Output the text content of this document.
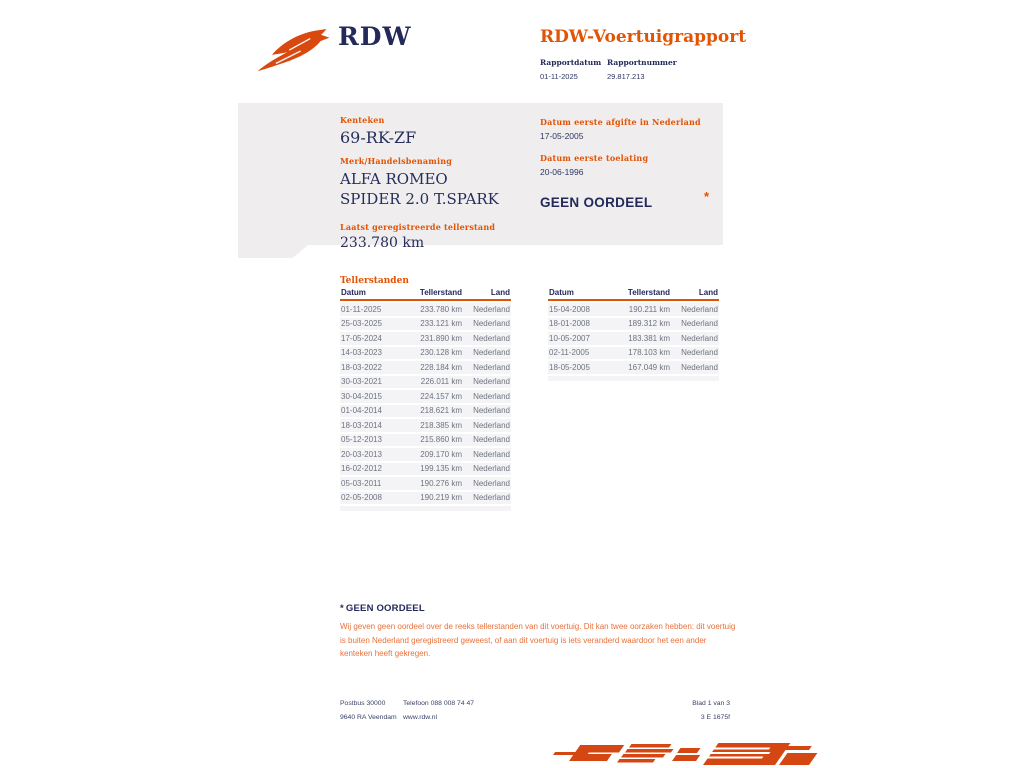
RDW	RDW-Voertuigrapport
Rapportdatum
01-11-2025
Rapportnummer
29.817.213
Kenteken
69-RK-ZF
Merk/Handelsbenaming
ALFA ROMEO
SPIDER 2.0 T.SPARK
Laatst geregistreerde tellerstand
233.780 km
Datum eerste afgifte in Nederland
17-05-2005
Datum eerste toelating
20-06-1996
GEEN OORDEEL	*
Tellerstanden
Datum	Tellerstand	Land
01-11-2025	233.780 km	Nederland
25-03-2025	233.121 km	Nederland
17-05-2024	231.890 km	Nederland
14-03-2023	230.128 km	Nederland
18-03-2022	228.184 km	Nederland
30-03-2021	226.011 km	Nederland
30-04-2015	224.157 km	Nederland
01-04-2014	218.621 km	Nederland
18-03-2014	218.385 km	Nederland
05-12-2013	215.860 km	Nederland
20-03-2013	209.170 km	Nederland
16-02-2012	199.135 km	Nederland
05-03-2011	190.276 km	Nederland
02-05-2008	190.219 km	Nederland
Datum	Tellerstand	Land
15-04-2008	190.211 km	Nederland
18-01-2008	189.312 km	Nederland
10-05-2007	183.381 km	Nederland
02-11-2005	178.103 km	Nederland
18-05-2005	167.049 km	Nederland
* GEEN OORDEEL
Wij geven geen oordeel over de reeks tellerstanden van dit voertuig. Dit kan twee oorzaken hebben: dit voertuig is buiten Nederland geregistreerd geweest, of aan dit voertuig is iets veranderd waardoor het een ander kenteken heeft gekregen.
Postbus 30000
9640 RA Veendam
Telefoon 088 008 74 47
www.rdw.nl
Blad 1 van 3
3 E 1675f
